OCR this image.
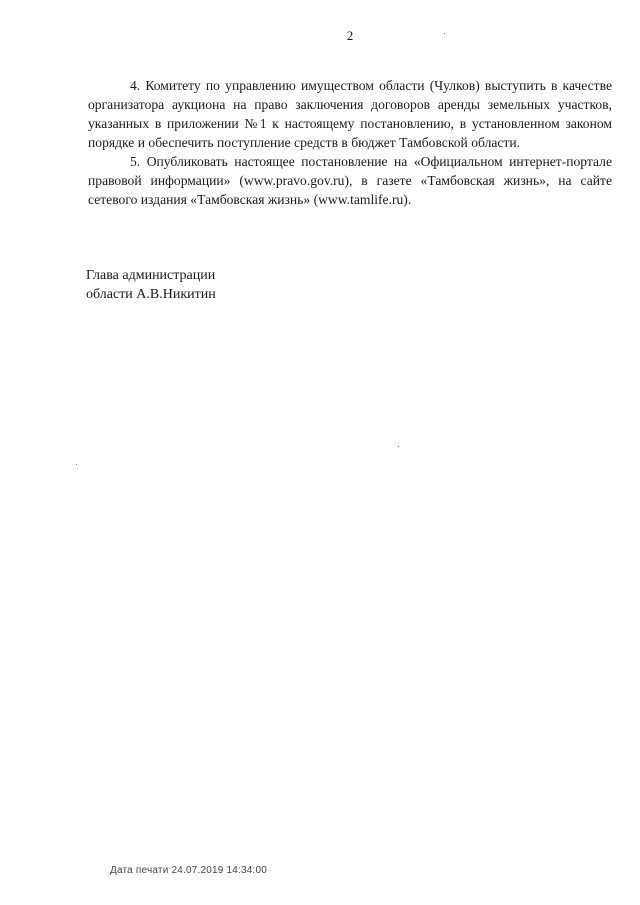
2

4. Комитету по управлению имуществом области (Чулков) выступить в качестве организатора аукциона на право заключения договоров аренды земельных участков, указанных в приложении №1 к настоящему постановлению, в установленном законом порядке и обеспечить поступление средств в бюджет Тамбовской области.

5. Опубликовать настоящее постановление на «Официальном интернет-портале правовой информации» (www.pravo.gov.ru), в газете «Тамбовская жизнь», на сайте сетевого издания «Тамбовская жизнь» (www.tamlife.ru).

Глава администрации
области А.В.Никитин
Дата печати 24.07.2019 14:34:00
